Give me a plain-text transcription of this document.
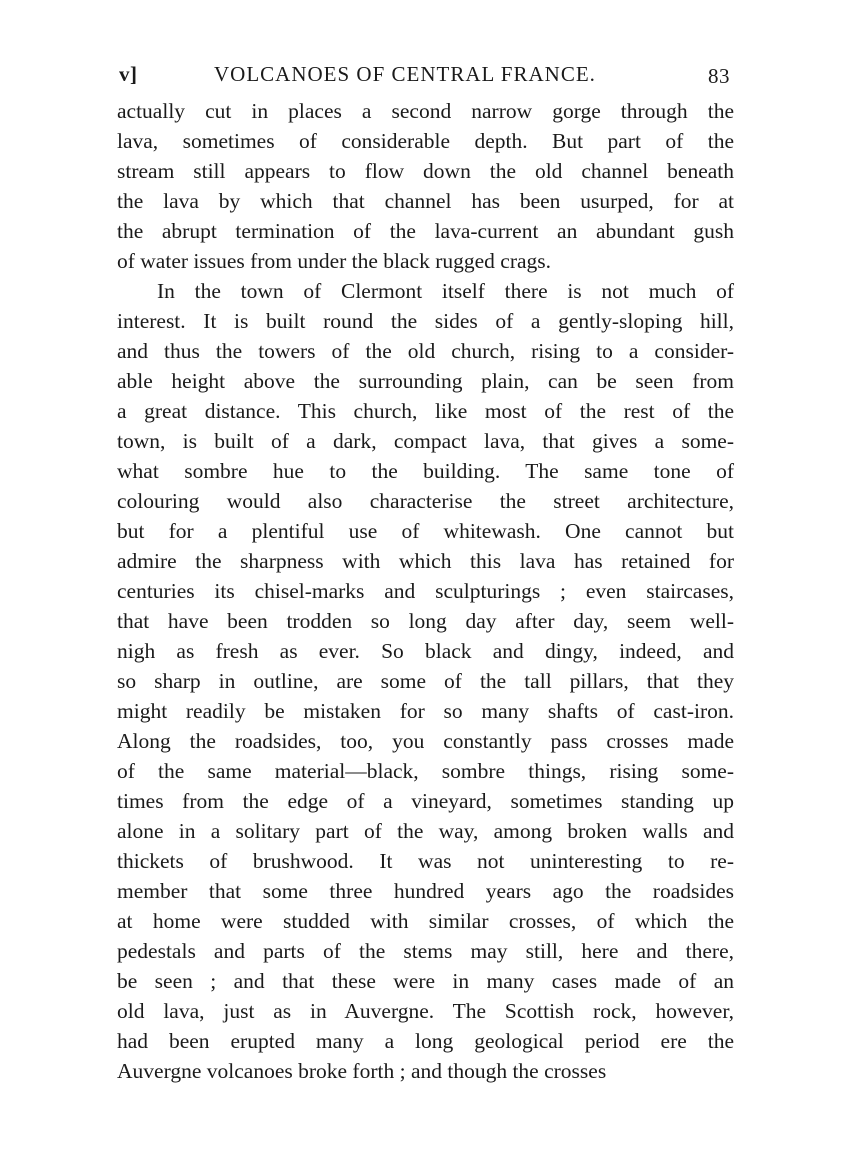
v]	VOLCANOES OF CENTRAL FRANCE.	83
actually cut in places a second narrow gorge through the
lava, sometimes of considerable depth. But part of the
stream still appears to flow down the old channel beneath
the lava by which that channel has been usurped, for at
the abrupt termination of the lava-current an abundant gush
of water issues from under the black rugged crags.
In the town of Clermont itself there is not much of
interest. It is built round the sides of a gently-sloping hill,
and thus the towers of the old church, rising to a consider-
able height above the surrounding plain, can be seen from
a great distance. This church, like most of the rest of the
town, is built of a dark, compact lava, that gives a some-
what sombre hue to the building. The same tone of
colouring would also characterise the street architecture,
but for a plentiful use of whitewash. One cannot but
admire the sharpness with which this lava has retained for
centuries its chisel-marks and sculpturings ; even staircases,
that have been trodden so long day after day, seem well-
nigh as fresh as ever. So black and dingy, indeed, and
so sharp in outline, are some of the tall pillars, that they
might readily be mistaken for so many shafts of cast-iron.
Along the roadsides, too, you constantly pass crosses made
of the same material—black, sombre things, rising some-
times from the edge of a vineyard, sometimes standing up
alone in a solitary part of the way, among broken walls and
thickets of brushwood. It was not uninteresting to re-
member that some three hundred years ago the roadsides
at home were studded with similar crosses, of which the
pedestals and parts of the stems may still, here and there,
be seen ; and that these were in many cases made of an
old lava, just as in Auvergne. The Scottish rock, however,
had been erupted many a long geological period ere the
Auvergne volcanoes broke forth ; and though the crosses
